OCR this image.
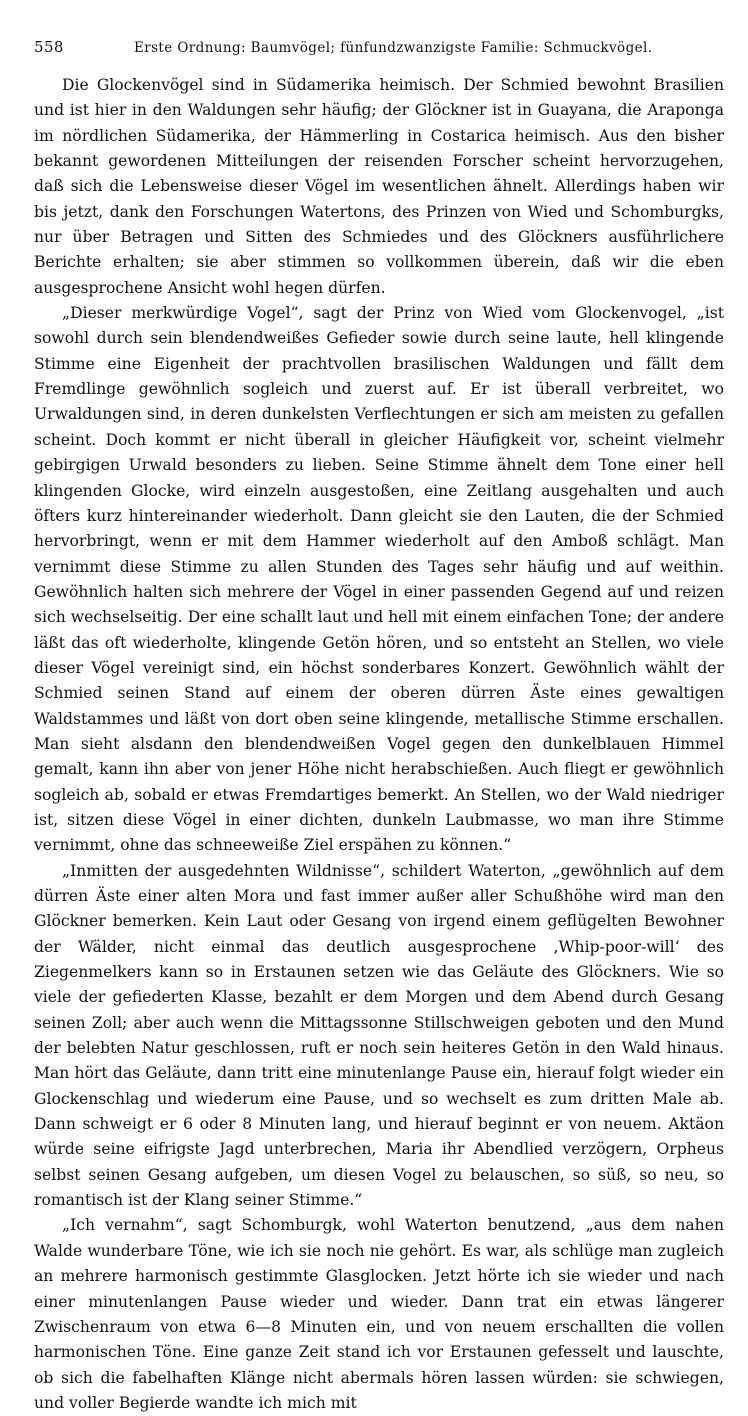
558	Erste Ordnung: Baumvögel; fünfundzwanzigste Familie: Schmuckvögel.

Die Glockenvögel sind in Südamerika heimisch. Der Schmied bewohnt Brasilien und ist hier in den Waldungen sehr häufig; der Glöckner ist in Guayana, die Araponga im nördlichen Südamerika, der Hämmerling in Costarica heimisch. Aus den bisher bekannt gewordenen Mitteilungen der reisenden Forscher scheint hervorzugehen, daß sich die Lebensweise dieser Vögel im wesentlichen ähnelt. Allerdings haben wir bis jetzt, dank den Forschungen Watertons, des Prinzen von Wied und Schomburgks, nur über Betragen und Sitten des Schmiedes und des Glöckners ausführlichere Berichte erhalten; sie aber stimmen so vollkommen überein, daß wir die eben ausgesprochene Ansicht wohl hegen dürfen.

„Dieser merkwürdige Vogel“, sagt der Prinz von Wied vom Glockenvogel, „ist sowohl durch sein blendendweißes Gefieder sowie durch seine laute, hell klingende Stimme eine Eigenheit der prachtvollen brasilischen Waldungen und fällt dem Fremdlinge gewöhnlich sogleich und zuerst auf. Er ist überall verbreitet, wo Urwaldungen sind, in deren dunkelsten Verflechtungen er sich am meisten zu gefallen scheint. Doch kommt er nicht überall in gleicher Häufigkeit vor, scheint vielmehr gebirgigen Urwald besonders zu lieben. Seine Stimme ähnelt dem Tone einer hell klingenden Glocke, wird einzeln ausgestoßen, eine Zeitlang ausgehalten und auch öfters kurz hintereinander wiederholt. Dann gleicht sie den Lauten, die der Schmied hervorbringt, wenn er mit dem Hammer wiederholt auf den Amboß schlägt. Man vernimmt diese Stimme zu allen Stunden des Tages sehr häufig und auf weithin. Gewöhnlich halten sich mehrere der Vögel in einer passenden Gegend auf und reizen sich wechselseitig. Der eine schallt laut und hell mit einem einfachen Tone; der andere läßt das oft wiederholte, klingende Getön hören, und so entsteht an Stellen, wo viele dieser Vögel vereinigt sind, ein höchst sonderbares Konzert. Gewöhnlich wählt der Schmied seinen Stand auf einem der oberen dürren Äste eines gewaltigen Waldstammes und läßt von dort oben seine klingende, metallische Stimme erschallen. Man sieht alsdann den blendendweißen Vogel gegen den dunkelblauen Himmel gemalt, kann ihn aber von jener Höhe nicht herabschießen. Auch fliegt er gewöhnlich sogleich ab, sobald er etwas Fremdartiges bemerkt. An Stellen, wo der Wald niedriger ist, sitzen diese Vögel in einer dichten, dunkeln Laubmasse, wo man ihre Stimme vernimmt, ohne das schneeweiße Ziel erspähen zu können.“

„Inmitten der ausgedehnten Wildnisse“, schildert Waterton, „gewöhnlich auf dem dürren Äste einer alten Mora und fast immer außer aller Schußhöhe wird man den Glöckner bemerken. Kein Laut oder Gesang von irgend einem geflügelten Bewohner der Wälder, nicht einmal das deutlich ausgesprochene ‚Whip-poor-will‘ des Ziegenmelkers kann so in Erstaunen setzen wie das Geläute des Glöckners. Wie so viele der gefiederten Klasse, bezahlt er dem Morgen und dem Abend durch Gesang seinen Zoll; aber auch wenn die Mittagssonne Stillschweigen geboten und den Mund der belebten Natur geschlossen, ruft er noch sein heiteres Getön in den Wald hinaus. Man hört das Geläute, dann tritt eine minutenlange Pause ein, hierauf folgt wieder ein Glockenschlag und wiederum eine Pause, und so wechselt es zum dritten Male ab. Dann schweigt er 6 oder 8 Minuten lang, und hierauf beginnt er von neuem. Aktäon würde seine eifrigste Jagd unterbrechen, Maria ihr Abendlied verzögern, Orpheus selbst seinen Gesang aufgeben, um diesen Vogel zu belauschen, so süß, so neu, so romantisch ist der Klang seiner Stimme.“

„Ich vernahm“, sagt Schomburgk, wohl Waterton benutzend, „aus dem nahen Walde wunderbare Töne, wie ich sie noch nie gehört. Es war, als schlüge man zugleich an mehrere harmonisch gestimmte Glasglocken. Jetzt hörte ich sie wieder und nach einer minutenlangen Pause wieder und wieder. Dann trat ein etwas längerer Zwischenraum von etwa 6—8 Minuten ein, und von neuem erschallten die vollen harmonischen Töne. Eine ganze Zeit stand ich vor Erstaunen gefesselt und lauschte, ob sich die fabelhaften Klänge nicht abermals hören lassen würden: sie schwiegen, und voller Begierde wandte ich mich mit
